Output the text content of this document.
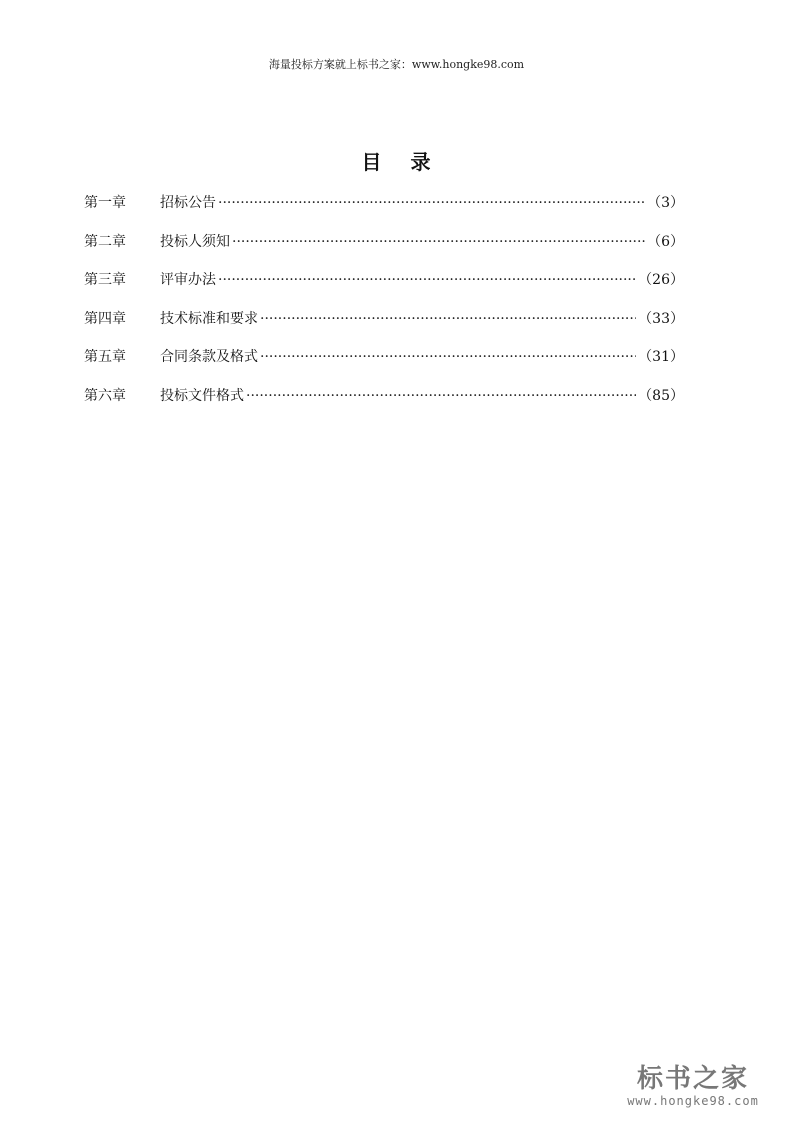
海量投标方案就上标书之家：www.hongke98.com
目 录
第一章	招标公告 ·····	（3）
第二章	投标人须知 ·····	（6）
第三章	评审办法 ·····	（26）
第四章	技术标准和要求 ·····	（33）
第五章	合同条款及格式 ·····	（31）
第六章	投标文件格式 ·····	（85）
标书之家
www.hongke98.com
